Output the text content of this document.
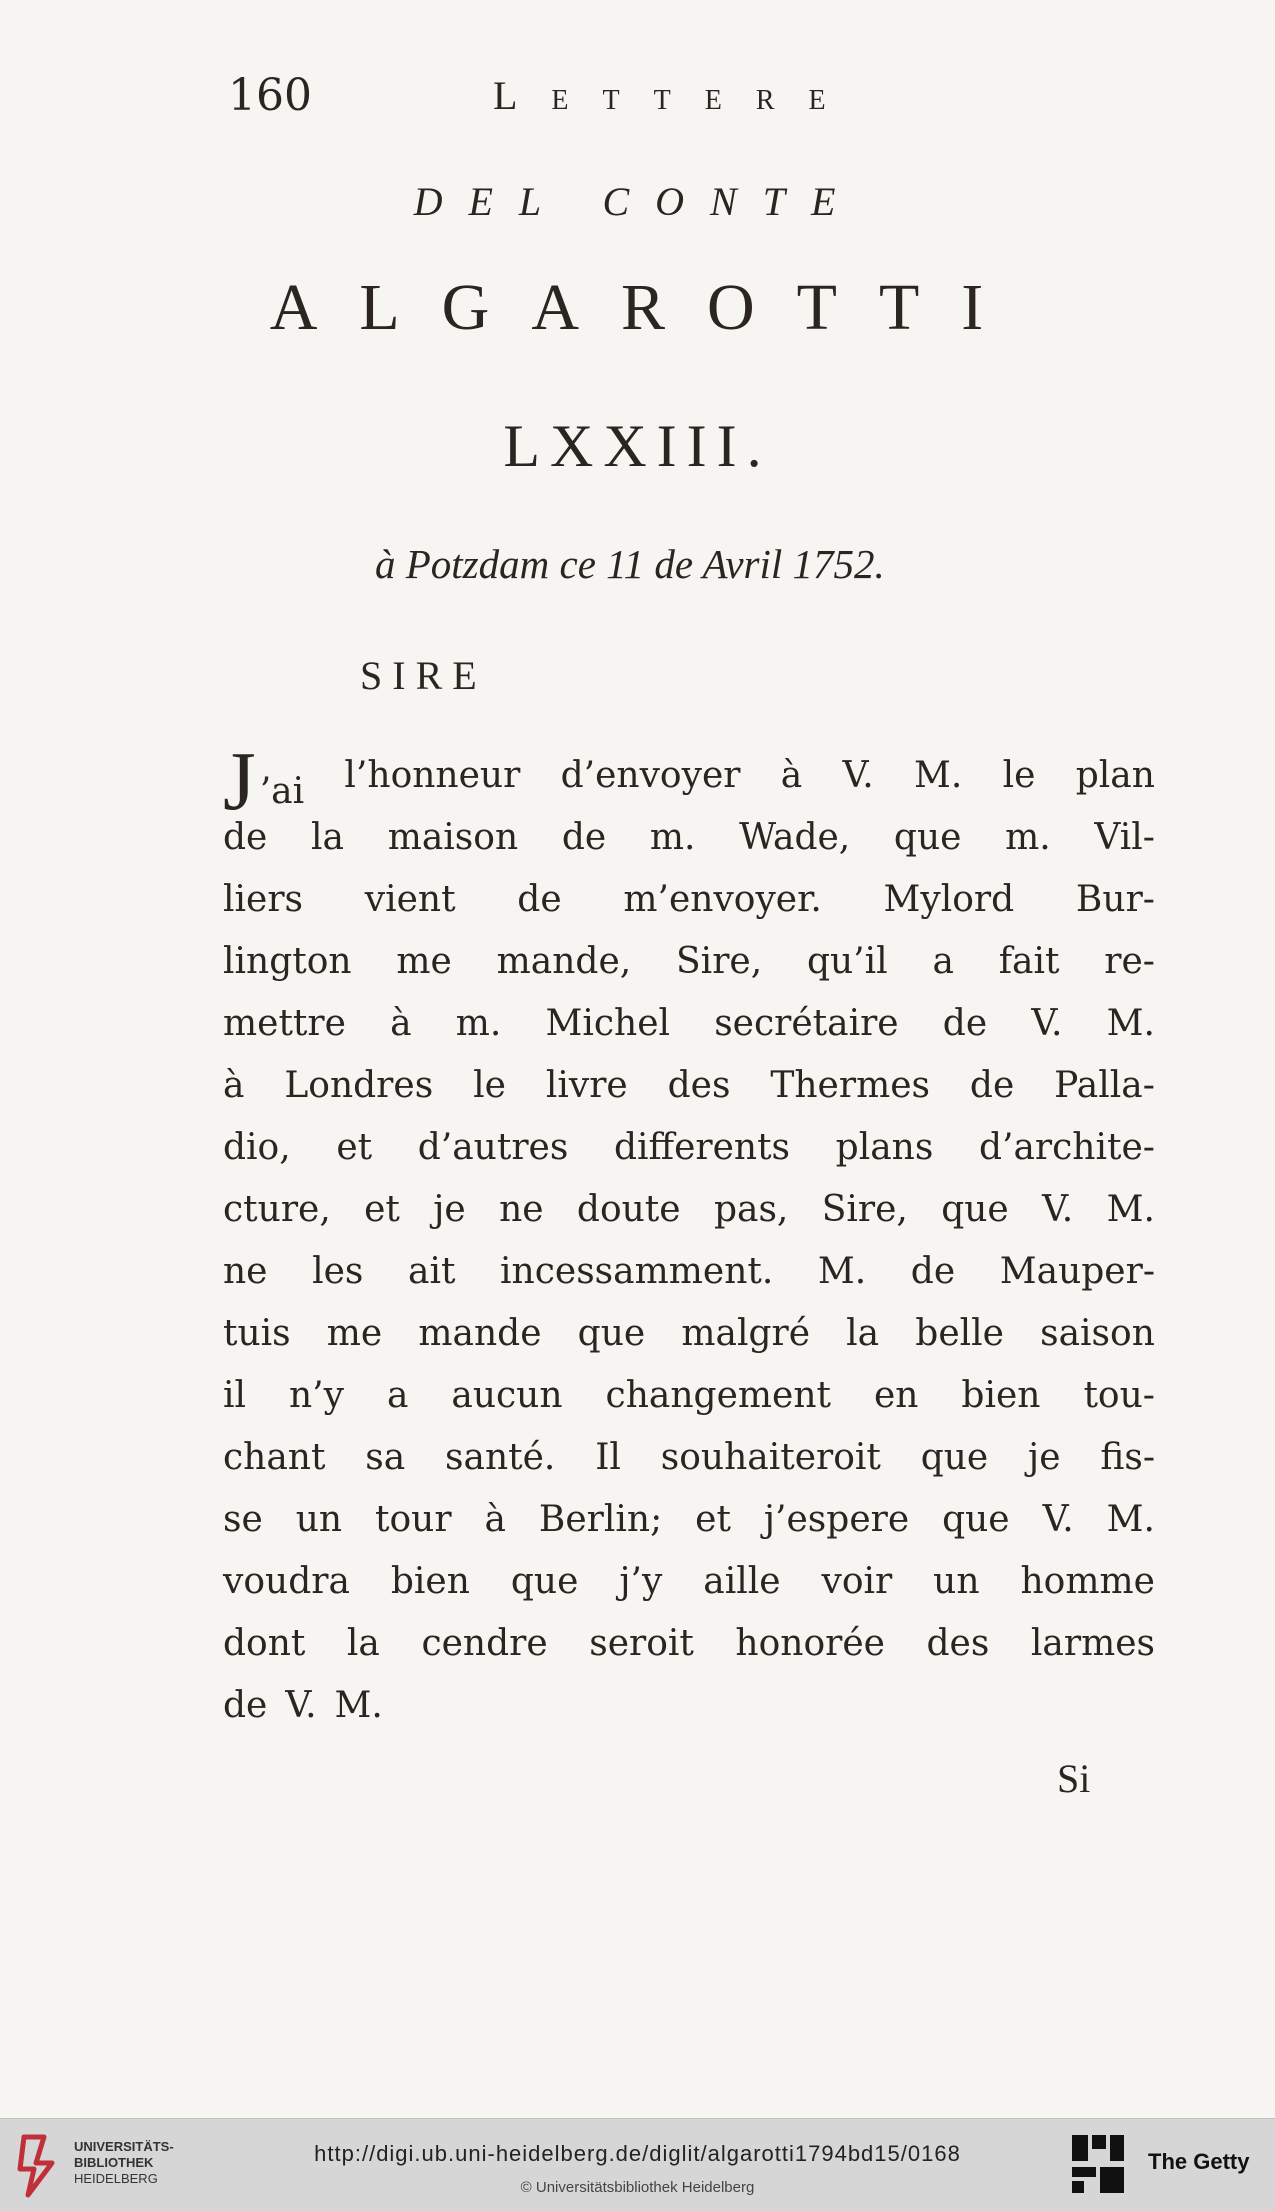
160	Lettere
DEL CONTE
ALGAROTTI
LXXIII.
à Potzdam ce 11 de Avril 1752.
SIRE
J ’ai l’honneur d’envoyer à V. M. le plan
de la maison de m. Wade, que m. Vil-
liers vient de m’envoyer. Mylord Bur-
lington me mande, Sire, qu’il a fait re-
mettre à m. Michel secrétaire de V. M.
à Londres le livre des Thermes de Palla-
dio, et d’autres differents plans d’archite-
cture, et je ne doute pas, Sire, que V. M.
ne les ait incessamment. M. de Mauper-
tuis me mande que malgré la belle saison
il n’y a aucun changement en bien tou-
chant sa santé. Il souhaiteroit que je fis-
se un tour à Berlin; et j’espere que V. M.
voudra bien que j’y aille voir un homme
dont la cendre seroit honorée des larmes
de V. M.
Si
UNIVERSITÄTS-
BIBLIOTHEK
HEIDELBERG
http://digi.ub.uni-heidelberg.de/diglit/algarotti1794bd15/0168
© Universitätsbibliothek Heidelberg
The Getty
